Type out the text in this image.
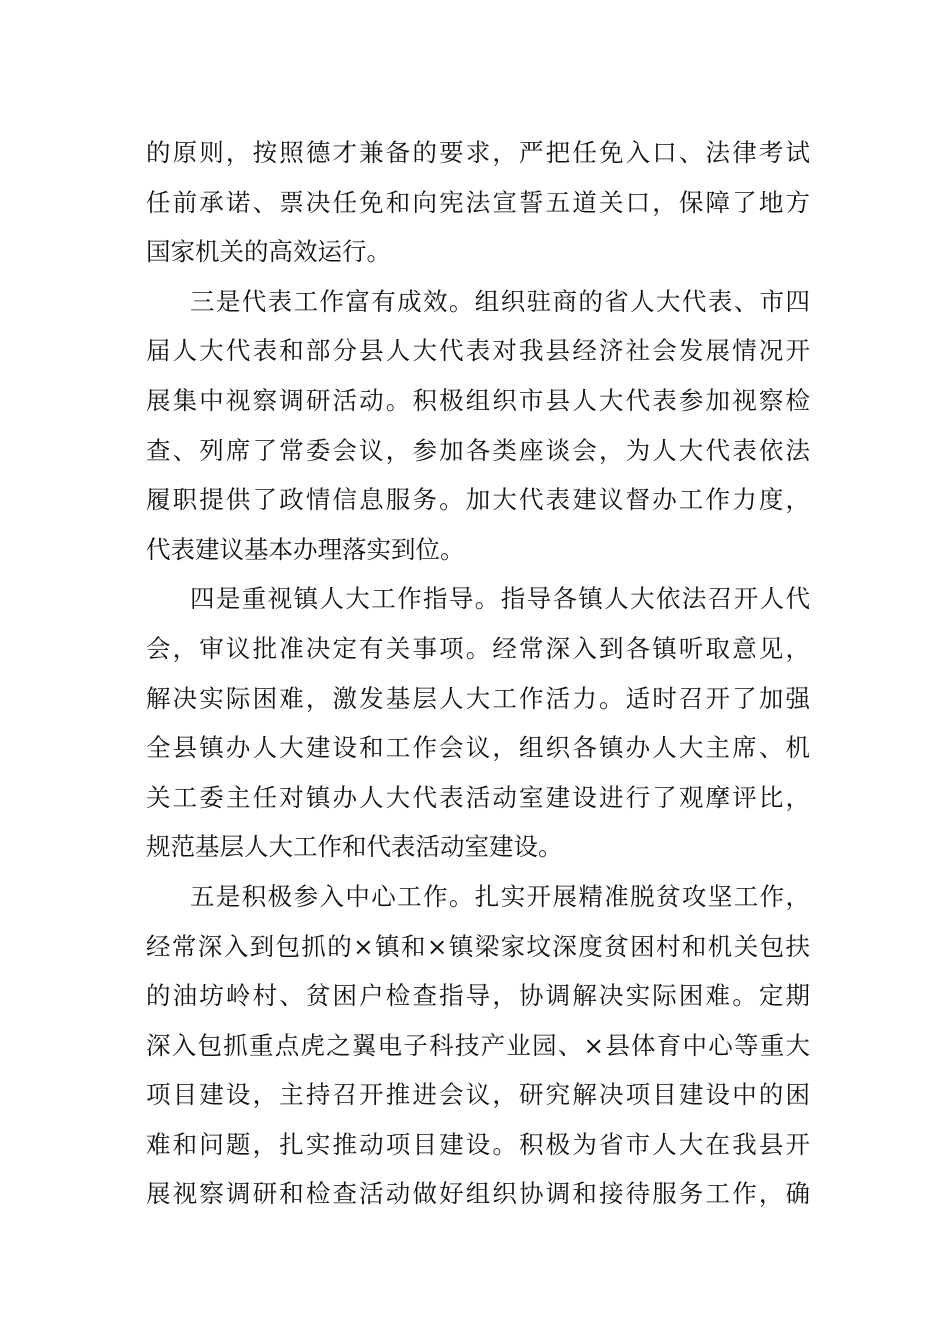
的原则，按照德才兼备的要求，严把任免入口、法律考试
任前承诺、票决任免和向宪法宣誓五道关口，保障了地方
国家机关的高效运行。
三是代表工作富有成效。组织驻商的省人大代表、市四
届人大代表和部分县人大代表对我县经济社会发展情况开
展集中视察调研活动。积极组织市县人大代表参加视察检
查、列席了常委会议，参加各类座谈会，为人大代表依法
履职提供了政情信息服务。加大代表建议督办工作力度，
代表建议基本办理落实到位。
四是重视镇人大工作指导。指导各镇人大依法召开人代
会，审议批准决定有关事项。经常深入到各镇听取意见，
解决实际困难，激发基层人大工作活力。适时召开了加强
全县镇办人大建设和工作会议，组织各镇办人大主席、机
关工委主任对镇办人大代表活动室建设进行了观摩评比，
规范基层人大工作和代表活动室建设。
五是积极参入中心工作。扎实开展精准脱贫攻坚工作，
经常深入到包抓的×镇和×镇梁家坟深度贫困村和机关包扶
的油坊岭村、贫困户检查指导，协调解决实际困难。定期
深入包抓重点虎之翼电子科技产业园、×县体育中心等重大
项目建设，主持召开推进会议，研究解决项目建设中的困
难和问题，扎实推动项目建设。积极为省市人大在我县开
展视察调研和检查活动做好组织协调和接待服务工作，确
